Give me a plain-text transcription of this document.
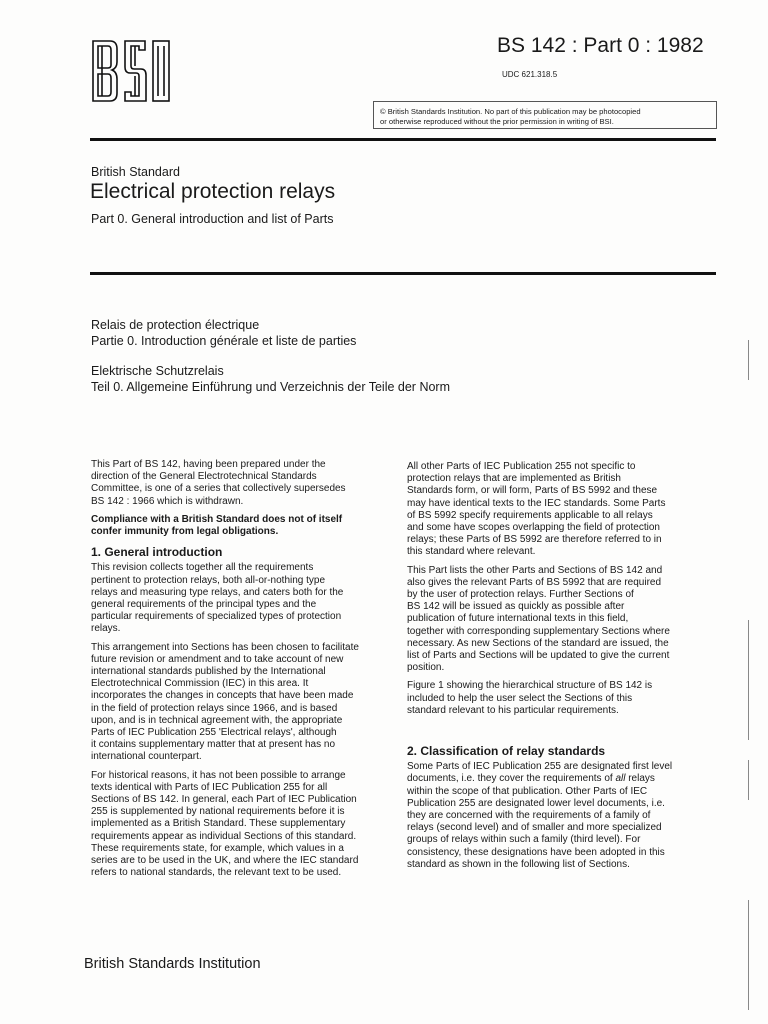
BS 142 : Part 0 : 1982
UDC 621.318.5
© British Standards Institution. No part of this publication may be photocopied
or otherwise reproduced without the prior permission in writing of BSI.
British Standard
Electrical protection relays
Part 0. General introduction and list of Parts
Relais de protection électrique
Partie 0. Introduction générale et liste de parties
Elektrische Schutzrelais
Teil 0. Allgemeine Einführung und Verzeichnis der Teile der Norm

This Part of BS 142, having been prepared under the
direction of the General Electrotechnical Standards
Committee, is one of a series that collectively supersedes
BS 142 : 1966 which is withdrawn.

Compliance with a British Standard does not of itself
confer immunity from legal obligations.

1. General introduction

This revision collects together all the requirements
pertinent to protection relays, both all-or-nothing type
relays and measuring type relays, and caters both for the
general requirements of the principal types and the
particular requirements of specialized types of protection
relays.

This arrangement into Sections has been chosen to facilitate
future revision or amendment and to take account of new
international standards published by the International
Electrotechnical Commission (IEC) in this area. It
incorporates the changes in concepts that have been made
in the field of protection relays since 1966, and is based
upon, and is in technical agreement with, the appropriate
Parts of IEC Publication 255 'Electrical relays', although
it contains supplementary matter that at present has no
international counterpart.

For historical reasons, it has not been possible to arrange
texts identical with Parts of IEC Publication 255 for all
Sections of BS 142. In general, each Part of IEC Publication
255 is supplemented by national requirements before it is
implemented as a British Standard. These supplementary
requirements appear as individual Sections of this standard.
These requirements state, for example, which values in a
series are to be used in the UK, and where the IEC standard
refers to national standards, the relevant text to be used.

All other Parts of IEC Publication 255 not specific to
protection relays that are implemented as British
Standards form, or will form, Parts of BS 5992 and these
may have identical texts to the IEC standards. Some Parts
of BS 5992 specify requirements applicable to all relays
and some have scopes overlapping the field of protection
relays; these Parts of BS 5992 are therefore referred to in
this standard where relevant.

This Part lists the other Parts and Sections of BS 142 and
also gives the relevant Parts of BS 5992 that are required
by the user of protection relays. Further Sections of
BS 142 will be issued as quickly as possible after
publication of future international texts in this field,
together with corresponding supplementary Sections where
necessary. As new Sections of the standard are issued, the
list of Parts and Sections will be updated to give the current
position.

Figure 1 showing the hierarchical structure of BS 142 is
included to help the user select the Sections of this
standard relevant to his particular requirements.

2. Classification of relay standards

Some Parts of IEC Publication 255 are designated first level
documents, i.e. they cover the requirements of all relays
within the scope of that publication. Other Parts of IEC
Publication 255 are designated lower level documents, i.e.
they are concerned with the requirements of a family of
relays (second level) and of smaller and more specialized
groups of relays within such a family (third level). For
consistency, these designations have been adopted in this
standard as shown in the following list of Sections.

British Standards Institution
